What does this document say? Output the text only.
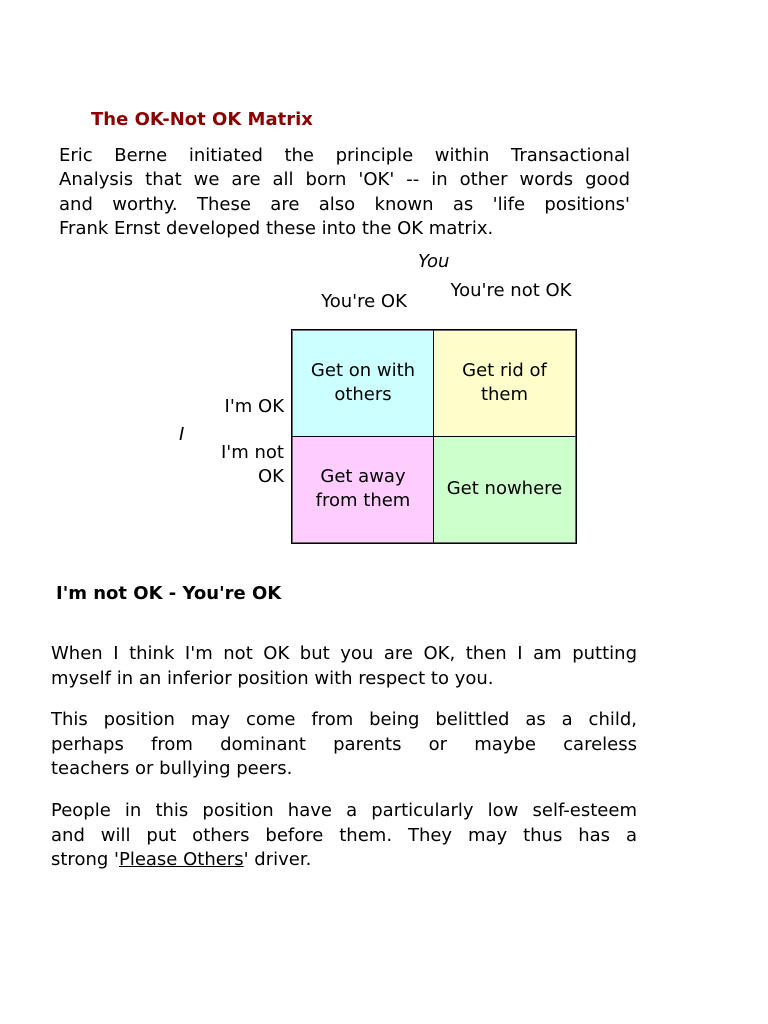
The OK-Not OK Matrix
Eric Berne initiated the principle within Transactional
Analysis that we are all born 'OK' -- in other words good
and worthy. These are also known as 'life positions'
Frank Ernst developed these into the OK matrix.
You
You're OK
You're not OK
I
I'm OK
I'm not OK
Get on with others
Get rid of them
Get away from them
Get nowhere
I'm not OK - You're OK
When I think I'm not OK but you are OK, then I am putting
myself in an inferior position with respect to you.
This position may come from being belittled as a child,
perhaps from dominant parents or maybe careless
teachers or bullying peers.
People in this position have a particularly low self-esteem
and will put others before them. They may thus has a
strong 'Please Others' driver.
